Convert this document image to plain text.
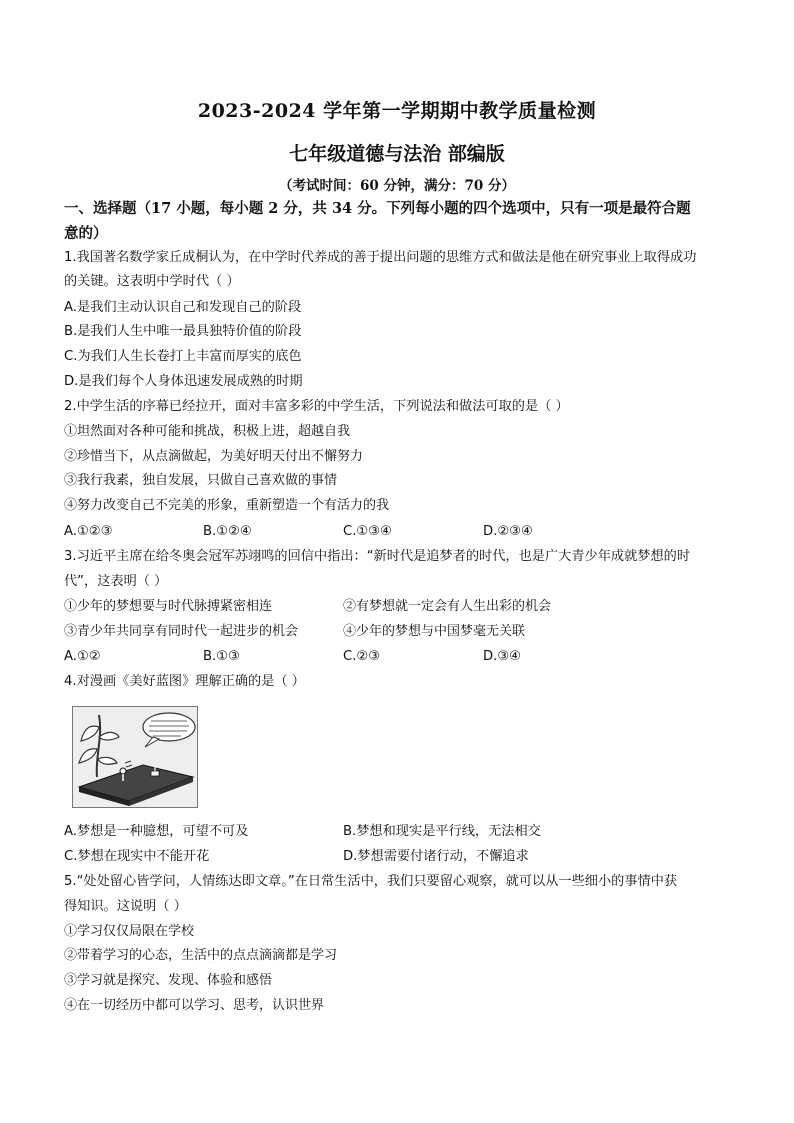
2023-2024 学年第一学期期中教学质量检测
七年级道德与法治 部编版
（考试时间：60 分钟，满分：70 分）
一、选择题（17 小题，每小题 2 分，共 34 分。下列每小题的四个选项中，只有一项是最符合题
意的）
1.我国著名数学家丘成桐认为，在中学时代养成的善于提出问题的思维方式和做法是他在研究事业上取得成功
的关键。这表明中学时代（ ）
A.是我们主动认识自己和发现自己的阶段
B.是我们人生中唯一最具独特价值的阶段
C.为我们人生长卷打上丰富而厚实的底色
D.是我们每个人身体迅速发展成熟的时期
2.中学生活的序幕已经拉开，面对丰富多彩的中学生活，下列说法和做法可取的是（ ）
①坦然面对各种可能和挑战，积极上进，超越自我
②珍惜当下，从点滴做起，为美好明天付出不懈努力
③我行我素，独自发展，只做自己喜欢做的事情
④努力改变自己不完美的形象，重新塑造一个有活力的我
A.①②③	B.①②④	C.①③④	D.②③④
3.习近平主席在给冬奥会冠军苏翊鸣的回信中指出：“新时代是追梦者的时代，也是广大青少年成就梦想的时
代”，这表明（ ）
①少年的梦想要与时代脉搏紧密相连	②有梦想就一定会有人生出彩的机会
③青少年共同享有同时代一起进步的机会	④少年的梦想与中国梦毫无关联
A.①②	B.①③	C.②③	D.③④
4.对漫画《美好蓝图》理解正确的是（ ）
A.梦想是一种臆想，可望不可及	B.梦想和现实是平行线，无法相交
C.梦想在现实中不能开花	D.梦想需要付诸行动，不懈追求
5.“处处留心皆学问，人情练达即文章。”在日常生活中，我们只要留心观察，就可以从一些细小的事情中获
得知识。这说明（ ）
①学习仅仅局限在学校
②带着学习的心态，生活中的点点滴滴都是学习
③学习就是探究、发现、体验和感悟
④在一切经历中都可以学习、思考，认识世界
